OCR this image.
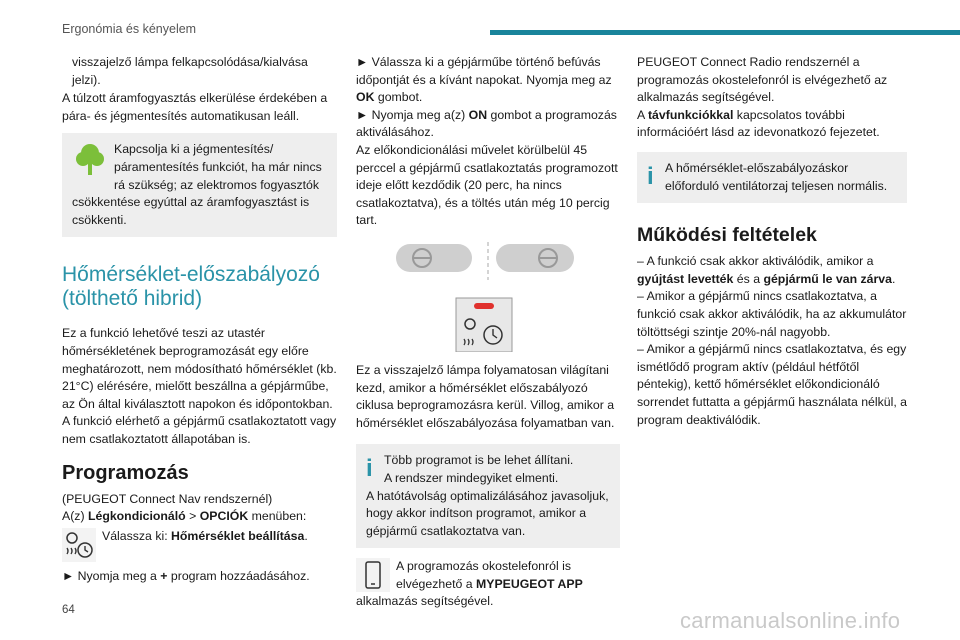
Ergonómia és kényelem

visszajelző lámpa felkapcsolódása/kialvása jelzi).

A túlzott áramfogyasztás elkerülése érdekében a pára- és jégmentesítés automatikusan leáll.

Kapcsolja ki a jégmentesítés/ páramentesítés funkciót, ha már nincs rá szükség; az elektromos fogyasztók csökkentése egyúttal az áramfogyasztást is csökkenti.

Hőmérséklet-előszabályozó (tölthető hibrid)

Ez a funkció lehetővé teszi az utastér hőmérsékletének beprogramozását egy előre meghatározott, nem módosítható hőmérséklet (kb. 21°C) elérésére, mielőtt beszállna a gépjárműbe, az Ön által kiválasztott napokon és időpontokban.

A funkció elérhető a gépjármű csatlakoztatott vagy nem csatlakoztatott állapotában is.

Programozás

(PEUGEOT Connect Nav rendszernél)

A(z) Légkondicionáló > OPCIÓK menüben:

Válassza ki: Hőmérséklet beállítása.

► Nyomja meg a + program hozzáadásához.

► Válassza ki a gépjárműbe történő befúvás időpontját és a kívánt napokat. Nyomja meg az OK gombot.

► Nyomja meg a(z) ON gombot a programozás aktiválásához.

Az előkondicionálási művelet körülbelül 45 perccel a gépjármű csatlakoztatás programozott ideje előtt kezdődik (20 perc, ha nincs csatlakoztatva), és a töltés után még 10 percig tart.

Ez a visszajelző lámpa folyamatosan világítani kezd, amikor a hőmérséklet előszabályozó ciklusa beprogramozásra kerül. Villog, amikor a hőmérséklet előszabályozása folyamatban van.

i Több programot is be lehet állítani.

A rendszer mindegyiket elmenti.

A hatótávolság optimalizálásához javasoljuk, hogy akkor indítson programot, amikor a gépjármű csatlakoztatva van.

A programozás okostelefonról is elvégezhető a MYPEUGEOT APP alkalmazás segítségével.

PEUGEOT Connect Radio rendszernél a programozás okostelefonról is elvégezhető az alkalmazás segítségével.

A távfunkciókkal kapcsolatos további információért lásd az idevonatkozó fejezetet.

i A hőmérséklet-előszabályozáskor előforduló ventilátorzaj teljesen normális.

Működési feltételek

– A funkció csak akkor aktiválódik, amikor a gyújtást levették és a gépjármű le van zárva.

– Amikor a gépjármű nincs csatlakoztatva, a funkció csak akkor aktiválódik, ha az akkumulátor töltöttségi szintje 20%-nál nagyobb.

– Amikor a gépjármű nincs csatlakoztatva, és egy ismétlődő program aktív (például hétfőtől péntekig), kettő hőmérséklet előkondicionáló sorrendet futtatta a gépjármű használata nélkül, a program deaktiválódik.

64	carmanualsonline.info
